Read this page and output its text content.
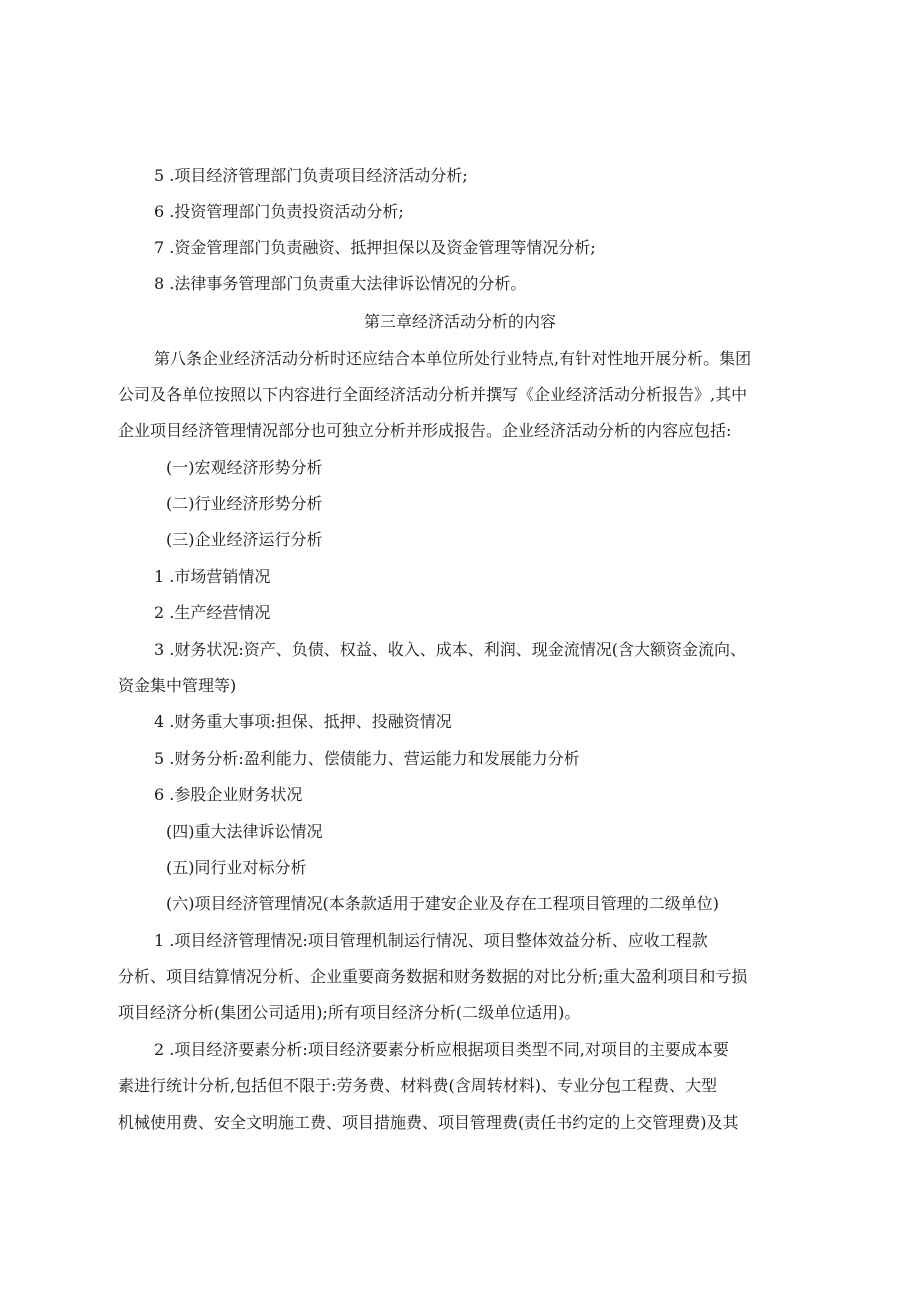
5 .项目经济管理部门负责项目经济活动分析;
6 .投资管理部门负责投资活动分析;
7 .资金管理部门负责融资、抵押担保以及资金管理等情况分析;
8 .法律事务管理部门负责重大法律诉讼情况的分析。
第三章经济活动分析的内容
第八条企业经济活动分析时还应结合本单位所处行业特点,有针对性地开展分析。集团
公司及各单位按照以下内容进行全面经济活动分析并撰写《企业经济活动分析报告》,其中
企业项目经济管理情况部分也可独立分析并形成报告。企业经济活动分析的内容应包括:
(一)宏观经济形势分析
(二)行业经济形势分析
(三)企业经济运行分析
1 .市场营销情况
2 .生产经营情况
3 .财务状况:资产、负债、权益、收入、成本、利润、现金流情况(含大额资金流向、
资金集中管理等)
4 .财务重大事项:担保、抵押、投融资情况
5 .财务分析:盈利能力、偿债能力、营运能力和发展能力分析
6 .参股企业财务状况
(四)重大法律诉讼情况
(五)同行业对标分析
(六)项目经济管理情况(本条款适用于建安企业及存在工程项目管理的二级单位)
1 .项目经济管理情况:项目管理机制运行情况、项目整体效益分析、应收工程款
分析、项目结算情况分析、企业重要商务数据和财务数据的对比分析;重大盈利项目和亏损
项目经济分析(集团公司适用);所有项目经济分析(二级单位适用)。
2 .项目经济要素分析:项目经济要素分析应根据项目类型不同,对项目的主要成本要
素进行统计分析,包括但不限于:劳务费、材料费(含周转材料)、专业分包工程费、大型
机械使用费、安全文明施工费、项目措施费、项目管理费(责任书约定的上交管理费)及其
